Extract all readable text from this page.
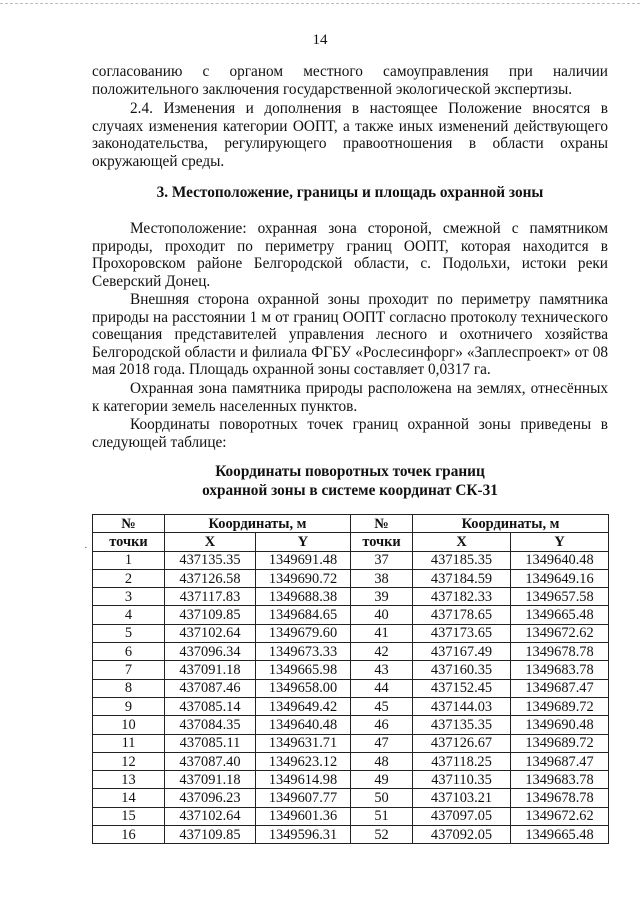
14

согласованию с органом местного самоуправления при наличии положительного заключения государственной экологической экспертизы.

2.4. Изменения и дополнения в настоящее Положение вносятся в случаях изменения категории ООПТ, а также иных изменений действующего законодательства, регулирующего правоотношения в области охраны окружающей среды.

3. Местоположение, границы и площадь охранной зоны

Местоположение: охранная зона стороной, смежной с памятником природы, проходит по периметру границ ООПТ, которая находится в Прохоровском районе Белгородской области, с. Подольхи, истоки реки Северский Донец.

Внешняя сторона охранной зоны проходит по периметру памятника природы на расстоянии 1 м от границ ООПТ согласно протоколу технического совещания представителей управления лесного и охотничего хозяйства Белгородской области и филиала ФГБУ «Рослесинфорг» «Заплеспроект» от 08 мая 2018 года. Площадь охранной зоны составляет 0,0317 га.

Охранная зона памятника природы расположена на землях, отнесённых к категории земель населенных пунктов.

Координаты поворотных точек границ охранной зоны приведены в следующей таблице:

Координаты поворотных точек границ
охранной зоны в системе координат СК-31
·
№	Координаты, м		№	Координаты, м	
точки	X	Y	точки	X	Y
1	437135.35	1349691.48	37	437185.35	1349640.48
2	437126.58	1349690.72	38	437184.59	1349649.16
3	437117.83	1349688.38	39	437182.33	1349657.58
4	437109.85	1349684.65	40	437178.65	1349665.48
5	437102.64	1349679.60	41	437173.65	1349672.62
6	437096.34	1349673.33	42	437167.49	1349678.78
7	437091.18	1349665.98	43	437160.35	1349683.78
8	437087.46	1349658.00	44	437152.45	1349687.47
9	437085.14	1349649.42	45	437144.03	1349689.72
10	437084.35	1349640.48	46	437135.35	1349690.48
11	437085.11	1349631.71	47	437126.67	1349689.72
12	437087.40	1349623.12	48	437118.25	1349687.47
13	437091.18	1349614.98	49	437110.35	1349683.78
14	437096.23	1349607.77	50	437103.21	1349678.78
15	437102.64	1349601.36	51	437097.05	1349672.62
16	437109.85	1349596.31	52	437092.05	1349665.48
